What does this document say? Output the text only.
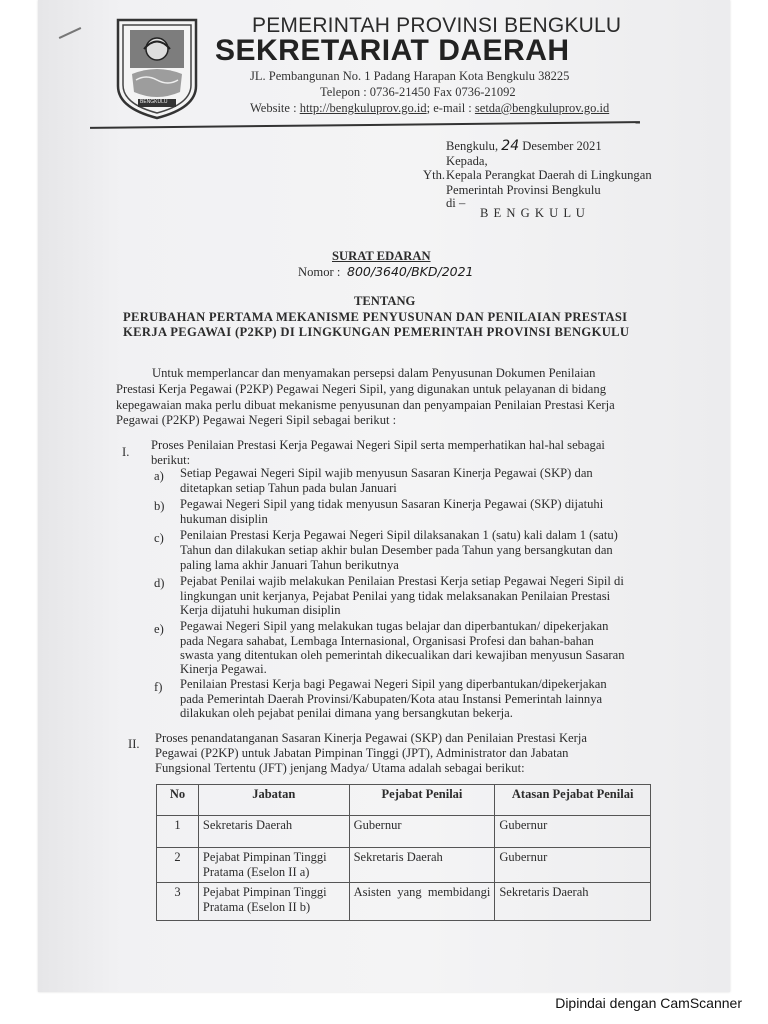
BENGKULU
PEMERINTAH PROVINSI BENGKULU
SEKRETARIAT DAERAH
JL. Pembangunan No. 1 Padang Harapan Kota Bengkulu 38225
Telepon : 0736-21450 Fax 0736-21092
Website : http://bengkuluprov.go.id; e-mail : setda@bengkuluprov.go.id
Bengkulu, 24 Desember 2021
Kepada,
Yth. Kepala Perangkat Daerah di Lingkungan
Pemerintah Provinsi Bengkulu
di –
B E N G K U L U
SURAT EDARAN
Nomor : 800/3640/BKD/2021
TENTANG
PERUBAHAN PERTAMA MEKANISME PENYUSUNAN DAN PENILAIAN PRESTASI
KERJA PEGAWAI (P2KP) DI LINGKUNGAN PEMERINTAH PROVINSI BENGKULU
Untuk memperlancar dan menyamakan persepsi dalam Penyusunan Dokumen Penilaian
Prestasi Kerja Pegawai (P2KP) Pegawai Negeri Sipil, yang digunakan untuk pelayanan di bidang
kepegawaian maka perlu dibuat mekanisme penyusunan dan penyampaian Penilaian Prestasi Kerja
Pegawai (P2KP) Pegawai Negeri Sipil sebagai berikut :
I. Proses Penilaian Prestasi Kerja Pegawai Negeri Sipil serta memperhatikan hal-hal sebagai
berikut:
a) Setiap Pegawai Negeri Sipil wajib menyusun Sasaran Kinerja Pegawai (SKP) dan
ditetapkan setiap Tahun pada bulan Januari
b) Pegawai Negeri Sipil yang tidak menyusun Sasaran Kinerja Pegawai (SKP) dijatuhi
hukuman disiplin
c) Penilaian Prestasi Kerja Pegawai Negeri Sipil dilaksanakan 1 (satu) kali dalam 1 (satu)
Tahun dan dilakukan setiap akhir bulan Desember pada Tahun yang bersangkutan dan
paling lama akhir Januari Tahun berikutnya
d) Pejabat Penilai wajib melakukan Penilaian Prestasi Kerja setiap Pegawai Negeri Sipil di
lingkungan unit kerjanya, Pejabat Penilai yang tidak melaksanakan Penilaian Prestasi
Kerja dijatuhi hukuman disiplin
e) Pegawai Negeri Sipil yang melakukan tugas belajar dan diperbantukan/ dipekerjakan
pada Negara sahabat, Lembaga Internasional, Organisasi Profesi dan bahan-bahan
swasta yang ditentukan oleh pemerintah dikecualikan dari kewajiban menyusun Sasaran
Kinerja Pegawai.
f) Penilaian Prestasi Kerja bagi Pegawai Negeri Sipil yang diperbantukan/dipekerjakan
pada Pemerintah Daerah Provinsi/Kabupaten/Kota atau Instansi Pemerintah lainnya
dilakukan oleh pejabat penilai dimana yang bersangkutan bekerja.
II. Proses penandatanganan Sasaran Kinerja Pegawai (SKP) dan Penilaian Prestasi Kerja
Pegawai (P2KP) untuk Jabatan Pimpinan Tinggi (JPT), Administrator dan Jabatan
Fungsional Tertentu (JFT) jenjang Madya/ Utama adalah sebagai berikut:
No	Jabatan	Pejabat Penilai	Atasan Pejabat Penilai
1	Sekretaris Daerah	Gubernur	Gubernur
2	Pejabat Pimpinan Tinggi Pratama (Eselon II a)	Sekretaris Daerah	Gubernur
3	Pejabat Pimpinan Tinggi Pratama (Eselon II b)	Asisten yang membidangi	Sekretaris Daerah
Dipindai dengan CamScanner
